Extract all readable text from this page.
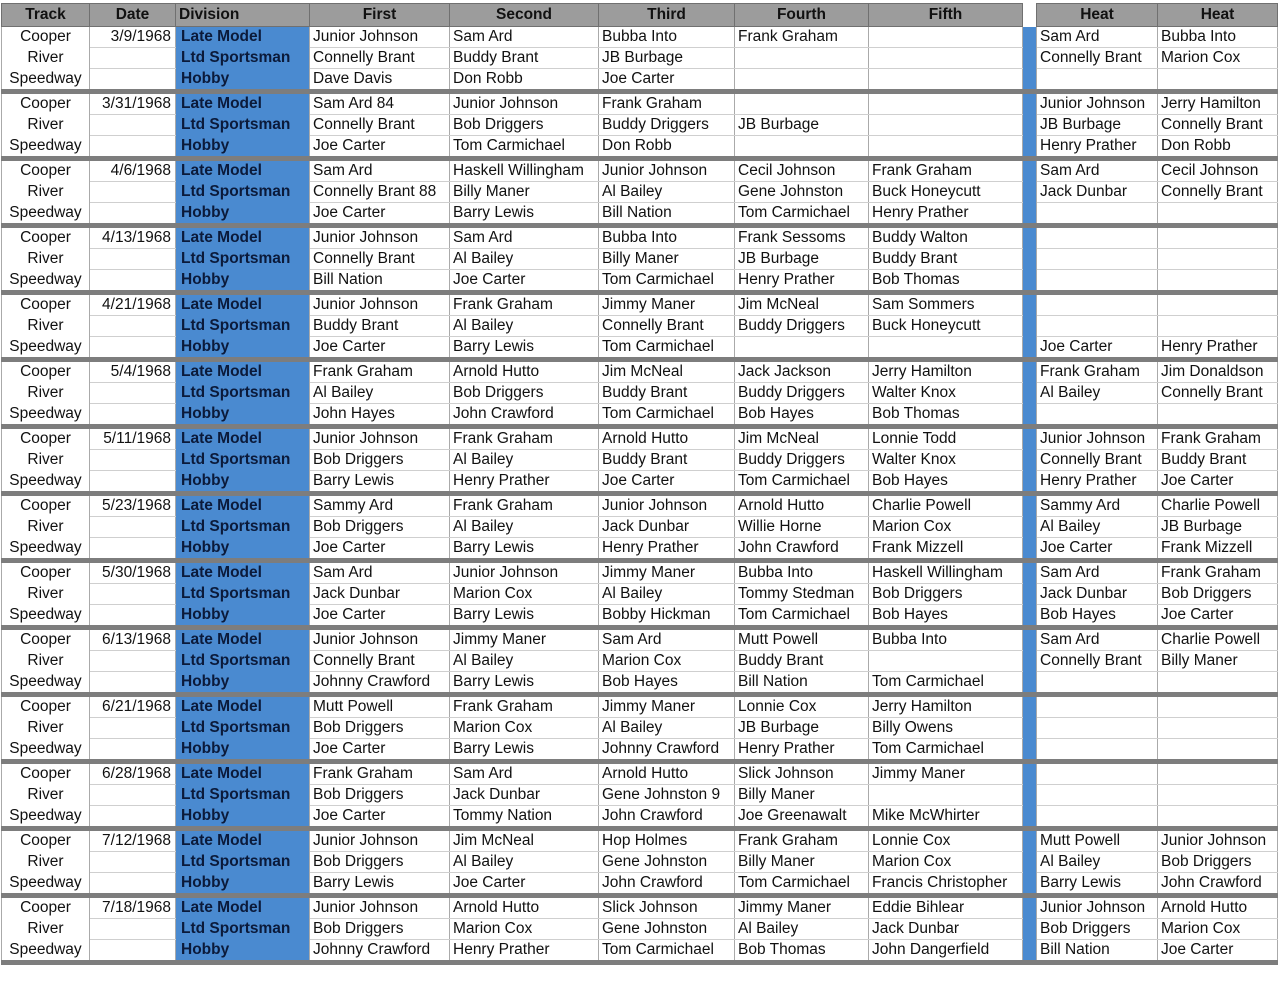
Track	Date	Division	First	Second	Third	Fourth	Fifth		Heat	Heat
Cooper	3/9/1968	Late Model	Junior Johnson	Sam Ard	Bubba Into	Frank Graham			Sam Ard	Bubba Into
River		Ltd Sportsman	Connelly Brant	Buddy Brant	JB Burbage				Connelly Brant	Marion Cox
Speedway		Hobby	Dave Davis	Don Robb	Joe Carter					
Cooper	3/31/1968	Late Model	Sam Ard 84	Junior Johnson	Frank Graham				Junior Johnson	Jerry Hamilton
River		Ltd Sportsman	Connelly Brant	Bob Driggers	Buddy Driggers	JB Burbage			JB Burbage	Connelly Brant
Speedway		Hobby	Joe Carter	Tom Carmichael	Don Robb				Henry Prather	Don Robb
Cooper	4/6/1968	Late Model	Sam Ard	Haskell Willingham	Junior Johnson	Cecil Johnson	Frank Graham		Sam Ard	Cecil Johnson
River		Ltd Sportsman	Connelly Brant 88	Billy Maner	Al Bailey	Gene Johnston	Buck Honeycutt		Jack Dunbar	Connelly Brant
Speedway		Hobby	Joe Carter	Barry Lewis	Bill Nation	Tom Carmichael	Henry Prather			
Cooper	4/13/1968	Late Model	Junior Johnson	Sam Ard	Bubba Into	Frank Sessoms	Buddy Walton			
River		Ltd Sportsman	Connelly Brant	Al Bailey	Billy Maner	JB Burbage	Buddy Brant			
Speedway		Hobby	Bill Nation	Joe Carter	Tom Carmichael	Henry Prather	Bob Thomas			
Cooper	4/21/1968	Late Model	Junior Johnson	Frank Graham	Jimmy Maner	Jim McNeal	Sam Sommers			
River		Ltd Sportsman	Buddy Brant	Al Bailey	Connelly Brant	Buddy Driggers	Buck Honeycutt			
Speedway		Hobby	Joe Carter	Barry Lewis	Tom Carmichael				Joe Carter	Henry Prather
Cooper	5/4/1968	Late Model	Frank Graham	Arnold Hutto	Jim McNeal	Jack Jackson	Jerry Hamilton		Frank Graham	Jim Donaldson
River		Ltd Sportsman	Al Bailey	Bob Driggers	Buddy Brant	Buddy Driggers	Walter Knox		Al Bailey	Connelly Brant
Speedway		Hobby	John Hayes	John Crawford	Tom Carmichael	Bob Hayes	Bob Thomas			
Cooper	5/11/1968	Late Model	Junior Johnson	Frank Graham	Arnold Hutto	Jim McNeal	Lonnie Todd		Junior Johnson	Frank Graham
River		Ltd Sportsman	Bob Driggers	Al Bailey	Buddy Brant	Buddy Driggers	Walter Knox		Connelly Brant	Buddy Brant
Speedway		Hobby	Barry Lewis	Henry Prather	Joe Carter	Tom Carmichael	Bob Hayes		Henry Prather	Joe Carter
Cooper	5/23/1968	Late Model	Sammy Ard	Frank Graham	Junior Johnson	Arnold Hutto	Charlie Powell		Sammy Ard	Charlie Powell
River		Ltd Sportsman	Bob Driggers	Al Bailey	Jack Dunbar	Willie Horne	Marion Cox		Al Bailey	JB Burbage
Speedway		Hobby	Joe Carter	Barry Lewis	Henry Prather	John Crawford	Frank Mizzell		Joe Carter	Frank Mizzell
Cooper	5/30/1968	Late Model	Sam Ard	Junior Johnson	Jimmy Maner	Bubba Into	Haskell Willingham		Sam Ard	Frank Graham
River		Ltd Sportsman	Jack Dunbar	Marion Cox	Al Bailey	Tommy Stedman	Bob Driggers		Jack Dunbar	Bob Driggers
Speedway		Hobby	Joe Carter	Barry Lewis	Bobby Hickman	Tom Carmichael	Bob Hayes		Bob Hayes	Joe Carter
Cooper	6/13/1968	Late Model	Junior Johnson	Jimmy Maner	Sam Ard	Mutt Powell	Bubba Into		Sam Ard	Charlie Powell
River		Ltd Sportsman	Connelly Brant	Al Bailey	Marion Cox	Buddy Brant			Connelly Brant	Billy Maner
Speedway		Hobby	Johnny Crawford	Barry Lewis	Bob Hayes	Bill Nation	Tom Carmichael			
Cooper	6/21/1968	Late Model	Mutt Powell	Frank Graham	Jimmy Maner	Lonnie Cox	Jerry Hamilton			
River		Ltd Sportsman	Bob Driggers	Marion Cox	Al Bailey	JB Burbage	Billy Owens			
Speedway		Hobby	Joe Carter	Barry Lewis	Johnny Crawford	Henry Prather	Tom Carmichael			
Cooper	6/28/1968	Late Model	Frank Graham	Sam Ard	Arnold Hutto	Slick Johnson	Jimmy Maner			
River		Ltd Sportsman	Bob Driggers	Jack Dunbar	Gene Johnston 9	Billy Maner				
Speedway		Hobby	Joe Carter	Tommy Nation	John Crawford	Joe Greenawalt	Mike McWhirter			
Cooper	7/12/1968	Late Model	Junior Johnson	Jim McNeal	Hop Holmes	Frank Graham	Lonnie Cox		Mutt Powell	Junior Johnson
River		Ltd Sportsman	Bob Driggers	Al Bailey	Gene Johnston	Billy Maner	Marion Cox		Al Bailey	Bob Driggers
Speedway		Hobby	Barry Lewis	Joe Carter	John Crawford	Tom Carmichael	Francis Christopher		Barry Lewis	John Crawford
Cooper	7/18/1968	Late Model	Junior Johnson	Arnold Hutto	Slick Johnson	Jimmy Maner	Eddie Bihlear		Junior Johnson	Arnold Hutto
River		Ltd Sportsman	Bob Driggers	Marion Cox	Gene Johnston	Al Bailey	Jack Dunbar		Bob Driggers	Marion Cox
Speedway		Hobby	Johnny Crawford	Henry Prather	Tom Carmichael	Bob Thomas	John Dangerfield		Bill Nation	Joe Carter
